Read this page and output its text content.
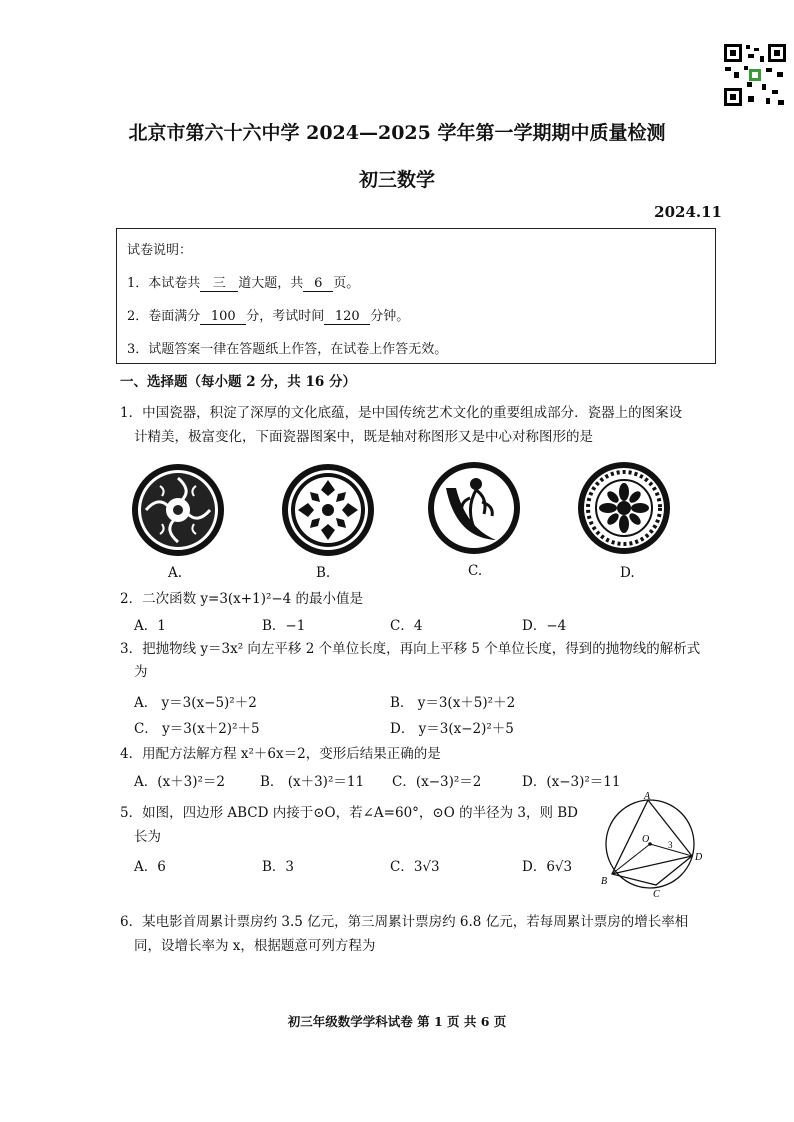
北京市第六十六中学 2024—2025 学年第一学期期中质量检测
初三数学
2024.11
试卷说明：
1．本试卷共 三 道大题，共 6 页。
2．卷面满分 100 分，考试时间 120 分钟。
3．试题答案一律在答题纸上作答，在试卷上作答无效。
一、选择题（每小题 2 分，共 16 分）
1．中国瓷器，积淀了深厚的文化底蕴，是中国传统艺术文化的重要组成部分．瓷器上的图案设
计精美，极富变化，下面瓷器图案中，既是轴对称图形又是中心对称图形的是
A.	B.	C.	D.
2．二次函数 y=3(x+1)²−4 的最小值是
A．1	B．−1	C．4	D．−4
3．把抛物线 y＝3x² 向左平移 2 个单位长度，再向上平移 5 个单位长度，得到的抛物线的解析式
为
A． y＝3(x−5)²＋2	B． y＝3(x＋5)²＋2
C． y＝3(x＋2)²＋5	D． y＝3(x−2)²＋5
4．用配方法解方程 x²＋6x＝2，变形后结果正确的是
A．(x＋3)²＝2	B． (x＋3)²＝11 C．(x−3)²＝2	D．(x−3)²＝11
5．如图，四边形 ABCD 内接于⊙O，若∠A=60°，⊙O 的半径为 3，则 BD
长为
A．6	B．3	C．3√3	D．6√3
A
B
C
D
O 3
6．某电影首周累计票房约 3.5 亿元，第三周累计票房约 6.8 亿元，若每周累计票房的增长率相
同，设增长率为 x，根据题意可列方程为
初三年级数学学科试卷 第 1 页 共 6 页
